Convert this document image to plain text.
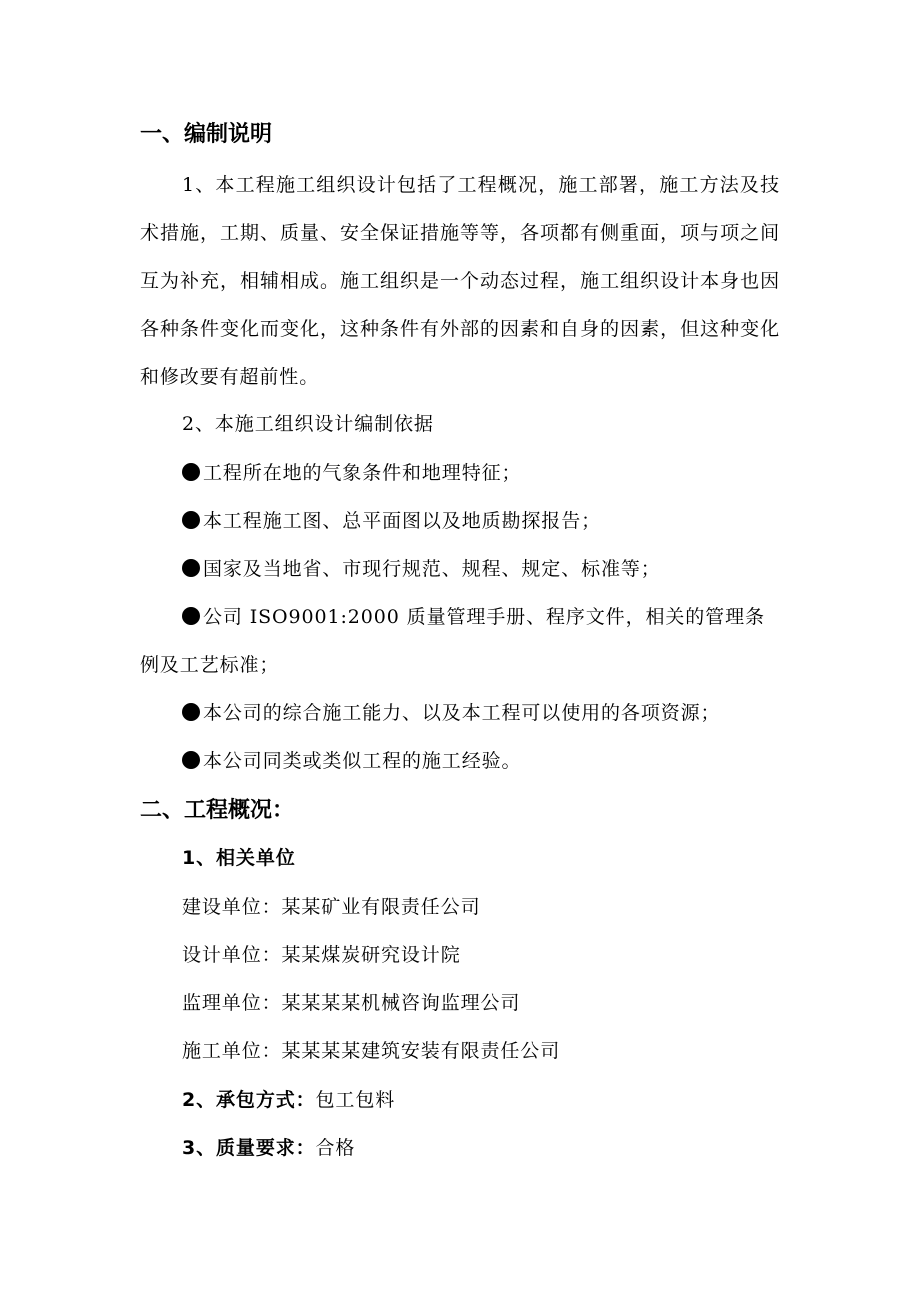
一、编制说明
1、本工程施工组织设计包括了工程概况，施工部署，施工方法及技术措施，工期、质量、安全保证措施等等，各项都有侧重面，项与项之间互为补充，相辅相成。施工组织是一个动态过程，施工组织设计本身也因各种条件变化而变化，这种条件有外部的因素和自身的因素，但这种变化和修改要有超前性。
2、本施工组织设计编制依据
工程所在地的气象条件和地理特征；
本工程施工图、总平面图以及地质勘探报告；
国家及当地省、市现行规范、规程、规定、标准等；
公司 ISO9001:2000 质量管理手册、程序文件，相关的管理条例及工艺标准；
本公司的综合施工能力、以及本工程可以使用的各项资源；
本公司同类或类似工程的施工经验。
二、工程概况：
1、相关单位
建设单位：某某矿业有限责任公司
设计单位：某某煤炭研究设计院
监理单位：某某某某机械咨询监理公司
施工单位：某某某某建筑安装有限责任公司
2、承包方式：包工包料
3、质量要求：合格
